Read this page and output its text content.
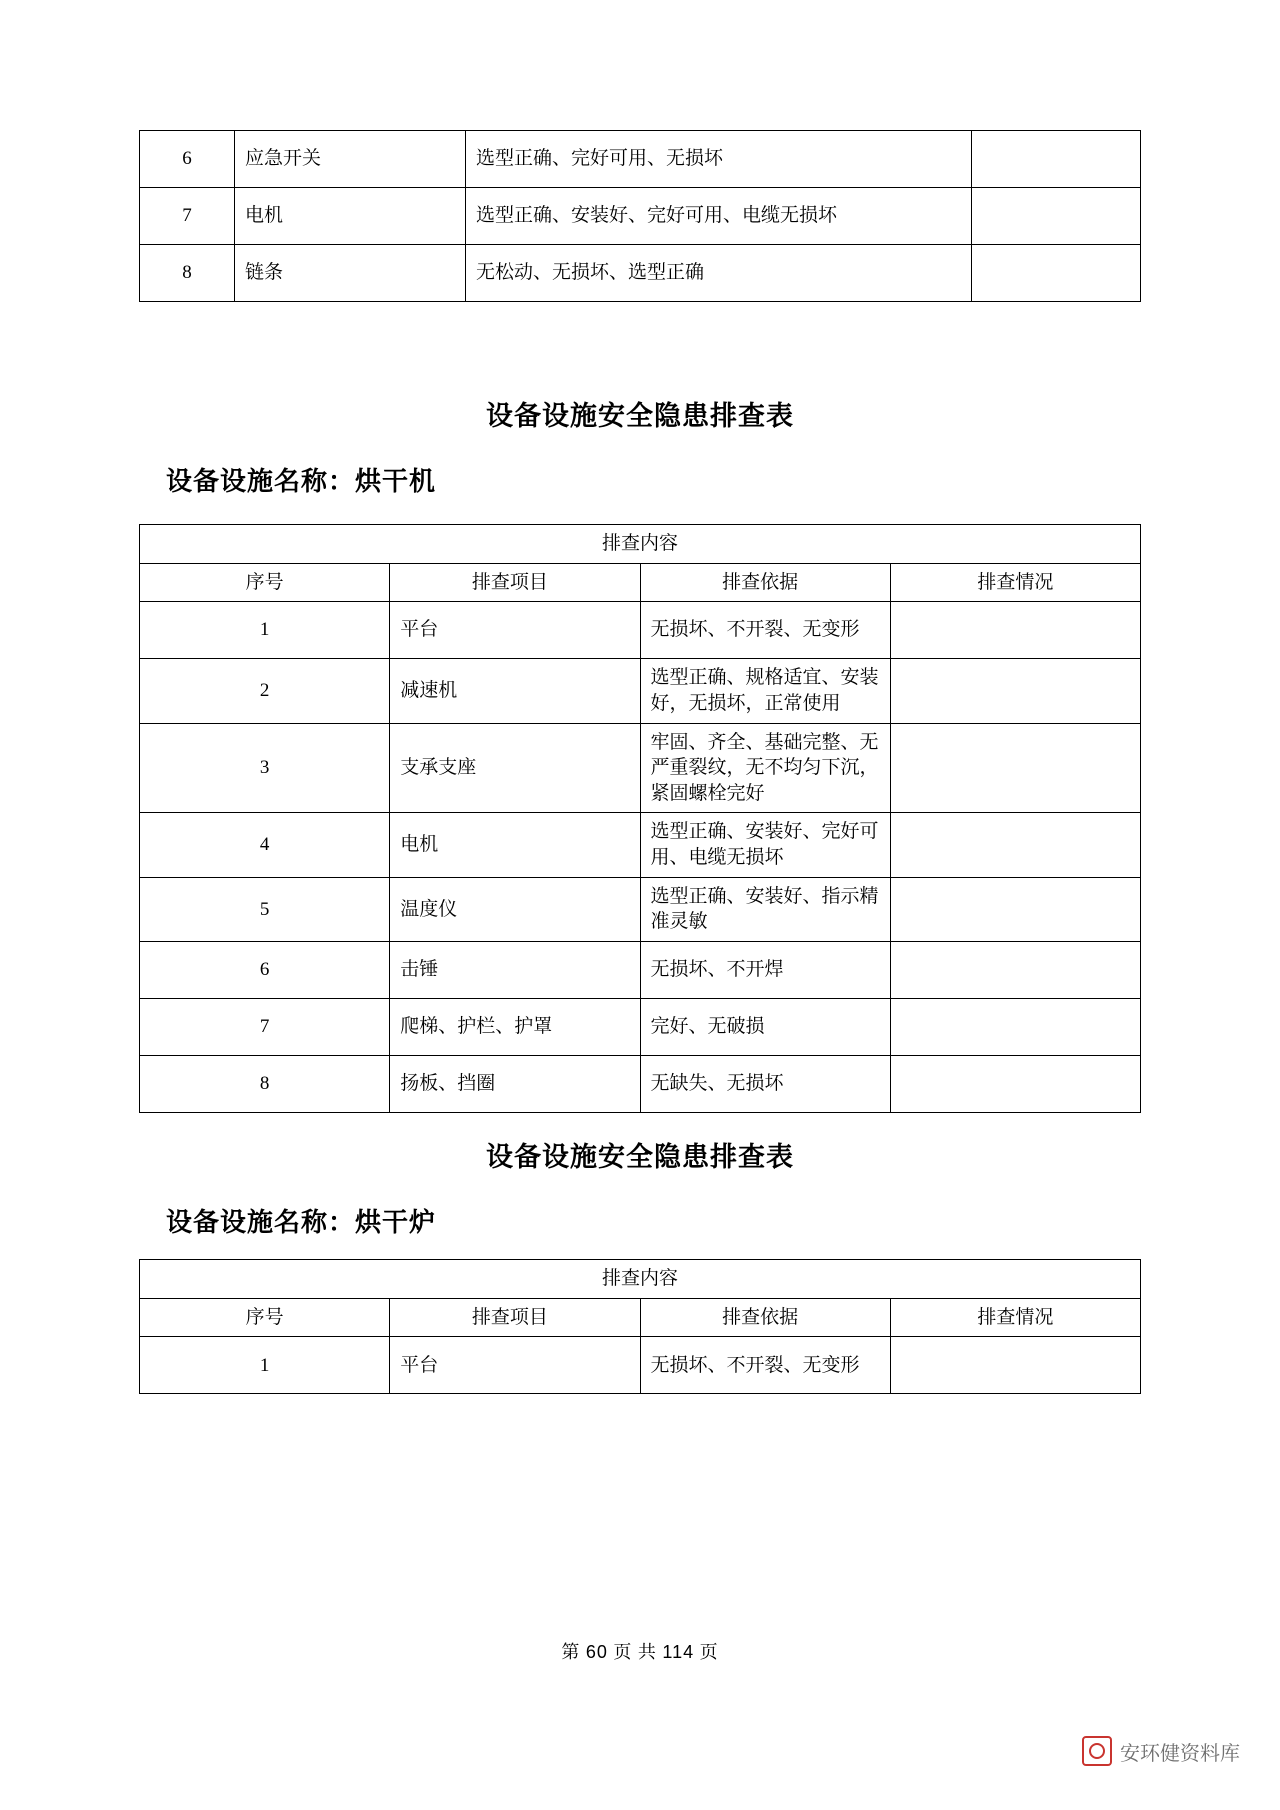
6	应急开关	选型正确、完好可用、无损坏	
7	电机	选型正确、安装好、完好可用、电缆无损坏	
8	链条	无松动、无损坏、选型正确	
设备设施安全隐患排查表
设备设施名称：烘干机
排查内容			
序号	排查项目	排查依据	排查情况
1	平台	无损坏、不开裂、无变形	
2	减速机	选型正确、规格适宜、安装好，无损坏，正常使用	
3	支承支座	牢固、齐全、基础完整、无严重裂纹，无不均匀下沉，紧固螺栓完好	
4	电机	选型正确、安装好、完好可用、电缆无损坏	
5	温度仪	选型正确、安装好、指示精准灵敏	
6	击锤	无损坏、不开焊	
7	爬梯、护栏、护罩	完好、无破损	
8	扬板、挡圈	无缺失、无损坏	
设备设施安全隐患排查表
设备设施名称：烘干炉
排查内容			
序号	排查项目	排查依据	排查情况
1	平台	无损坏、不开裂、无变形	
第 60 页 共 114 页
安环健资料库
